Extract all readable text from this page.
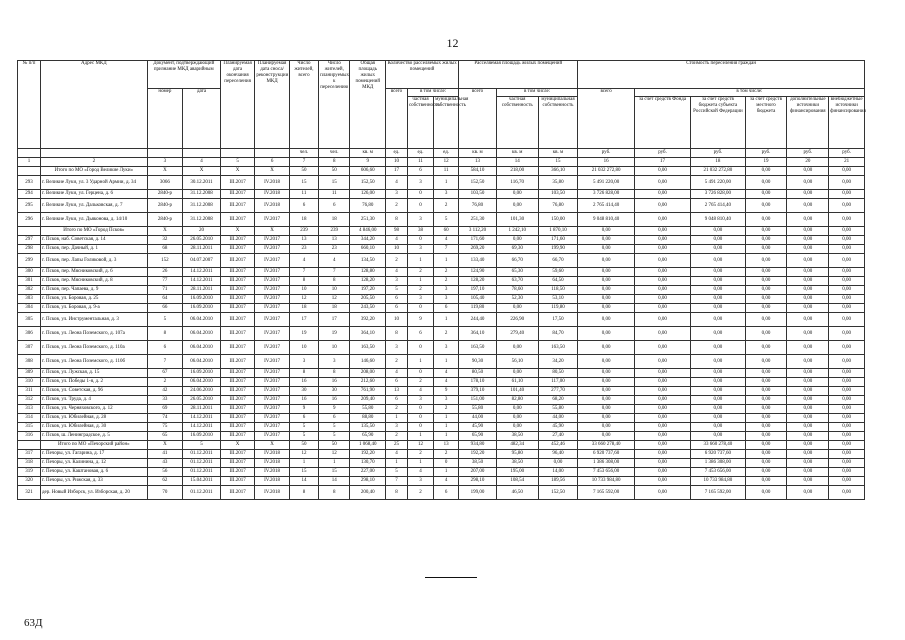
12
№ п/п	Адрес МКД	Документ, подтверждающий признание МКД аварийным		Планируемая дата окончания переселения	Планируемая дата сноса/ реконструкции МКД	Число жителей, всего	Число жителей, планируемых к переселению	Общая площадь жилых помещений МКД	Количество расселяемых жилых помещений			Расселяемая площадь жилых помещений			Стоимость переселения граждан					
		номер	дата						всего	в том числе:		всего	в том числе:		всего	в том числе:				
										частная собственность	муниципальная собственность		частная собственность	муниципальная собственность		за счет средств Фонда	за счет средств бюджета субъекта Российской Федерации	за счет средств местного бюджета	дополнительные источники финансирования	внебюджетные источники финансирования
						чел.	чел.	кв. м	ед.	ед.	ед.	кв. м	кв. м	кв. м	руб.	руб.	руб.	руб.	руб.	руб.
1	2	3	4	5	6	7	8	9	10	11	12	13	14	15	16	17	18	19	20	21
	Итого по МО «Город Великие Луки»	X	X	X	X	50	50	606,60	17	6	11	584,10	218,00	366,10	21 032 272,80	0,00	21 032 272,80	0,00	0,00	0,00
293	г. Великие Луки, ул. 3 Ударной Армии, д. 34	3066	30.12.2011	III.2017	IV.2018	15	15	152,50	4	3	1	152,50	116,70	35,80	5 491 220,00	0,00	5 491 220,00	0,00	0,00	0,00
294	г. Великие Луки, ул. Герцена, д. 6	2840-р	31.12.2008	III.2017	IV.2018	11	11	126,00	3	0	3	103,50	0,00	103,50	3 726 828,00	0,00	3 726 828,00	0,00	0,00	0,00
295	г. Великие Луки, ул. Дальковская, д. 7	2840-р	31.12.2008	III.2017	IV.2018	6	6	76,80	2	0	2	76,80	0,00	76,80	2 765 414,40	0,00	2 765 414,40	0,00	0,00	0,00
296	г. Великие Луки, ул. Дьяконова, д. 14/10	2840-р	31.12.2008	III.2017	IV.2017	18	18	251,30	8	3	5	251,30	101,30	150,00	9 048 810,40	0,00	9 048 810,40	0,00	0,00	0,00
	Итого по МО «Город Псков»	X	20	X	X	239	239	4 846,00	98	38	60	3 112,20	1 242,10	1 870,10	0,00	0,00	0,00	0,00	0,00	0,00
297	г. Псков, наб. Советская, д. 14	32	26.05.2010	III.2017	IV.2017	13	13	344,20	4	0	4	171,60	0,00	171,60	0,00	0,00	0,00	0,00	0,00	0,00
298	г. Псков, пер. Дачный, д. 1	68	28.11.2011	III.2017	IV.2017	23	23	660,10	10	3	7	269,20	69,30	199,90	0,00	0,00	0,00	0,00	0,00	0,00
299	г. Псков, пер. Лапы Голиковой, д. 3	152	04.07.2007	III.2017	IV.2017	4	4	134,50	2	1	1	133,40	66,70	66,70	0,00	0,00	0,00	0,00	0,00	0,00
300	г. Псков, пер. Мясниковский, д. 6	26	14.12.2011	III.2017	IV.2017	7	7	128,80	4	2	2	124,90	65,30	59,60	0,00	0,00	0,00	0,00	0,00	0,00
301	г. Псков, пер. Мясниковский, д. 8	77	14.12.2011	III.2017	IV.2017	8	8	128,20	3	1	2	128,20	63,70	64,50	0,00	0,00	0,00	0,00	0,00	0,00
302	г. Псков, пер. Чапаева, д. 9	71	28.11.2011	III.2017	IV.2017	10	10	197,20	5	2	3	197,10	78,60	118,50	0,00	0,00	0,00	0,00	0,00	0,00
303	г. Псков, ул. Боровая, д. 25	64	16.09.2010	III.2017	IV.2017	12	12	205,50	6	3	3	105,40	52,30	53,10	0,00	0,00	0,00	0,00	0,00	0,00
304	г. Псков, ул. Боровая, д. 9-а	66	16.09.2010	III.2017	IV.2017	18	18	243,50	6	0	6	119,80	0,00	119,80	0,00	0,00	0,00	0,00	0,00	0,00
305	г. Псков, ул. Инструментальная, д. 3	5	06.04.2010	III.2017	IV.2017	17	17	392,20	10	9	1	244,40	226,90	17,50	0,00	0,00	0,00	0,00	0,00	0,00
306	г. Псков, ул. Леона Поземского, д. 107а	8	06.04.2010	III.2017	IV.2017	19	19	364,10	8	6	2	364,10	279,40	84,70	0,00	0,00	0,00	0,00	0,00	0,00
307	г. Псков, ул. Леона Поземского, д. 110а	6	06.04.2010	III.2017	IV.2017	10	10	163,50	3	0	3	163,50	0,00	163,50	0,00	0,00	0,00	0,00	0,00	0,00
308	г. Псков, ул. Леона Поземского, д. 110б	7	06.04.2010	III.2017	IV.2017	3	3	146,60	2	1	1	90,30	56,10	34,20	0,00	0,00	0,00	0,00	0,00	0,00
309	г. Псков, ул. Лужская, д. 15	67	16.09.2010	III.2017	IV.2017	8	8	208,00	4	0	4	80,50	0,00	80,50	0,00	0,00	0,00	0,00	0,00	0,00
310	г. Псков, ул. Победы 1-я, д. 2	2	06.04.2010	III.2017	IV.2017	16	16	212,60	6	2	4	178,10	61,10	117,00	0,00	0,00	0,00	0,00	0,00	0,00
311	г. Псков, ул. Советская, д. 96	42	24.06.2010	III.2017	IV.2017	30	30	761,90	13	4	9	379,10	101,40	277,70	0,00	0,00	0,00	0,00	0,00	0,00
312	г. Псков, ул. Труда, д. 4	33	26.05.2010	III.2017	IV.2017	16	16	209,40	6	3	3	151,00	82,80	68,20	0,00	0,00	0,00	0,00	0,00	0,00
313	г. Псков, ул. Черняховского, д. 12	69	28.11.2011	III.2017	IV.2017	9	9	55,80	2	0	2	55,80	0,00	55,80	0,00	0,00	0,00	0,00	0,00	0,00
314	г. Псков, ул. Юбилейная, д. 28	74	14.12.2011	III.2017	IV.2017	6	6	88,80	1	0	1	44,00	0,00	44,00	0,00	0,00	0,00	0,00	0,00	0,00
315	г. Псков, ул. Юбилейная, д. 30	75	14.12.2011	III.2017	IV.2017	5	5	135,50	3	0	1	45,90	0,00	45,90	0,00	0,00	0,00	0,00	0,00	0,00
316	г. Псков, ш. Ленинградское, д. 5	65	16.09.2010	III.2017	IV.2017	5	5	65,90	2	1	1	65,90	38,50	27,40	0,00	0,00	0,00	0,00	0,00	0,00
	Итого по МО «Печорский район»	X	5	X	X	50	50	1 068,40	25	12	13	934,80	482,34	452,46	33 660 278,40	0,00	33 660 278,40	0,00	0,00	0,00
317	г. Печоры, ул. Гагарина, д. 17	41	01.12.2011	III.2017	IV.2018	12	12	192,20	4	2	2	192,20	95,80	96,40	6 920 737,60	0,00	6 920 737,60	0,00	0,00	0,00
318	г. Печоры, ул. Калинина, д. 12	43	01.12.2011	III.2017	IV.2018	1	1	130,70	1	1	0	38,50	38,50	0,00	1 386 308,00	0,00	1 386 308,00	0,00	0,00	0,00
319	г. Печоры, ул. Каштановая, д. 6	56	01.12.2011	III.2017	IV.2018	15	15	227,00	5	4	1	207,00	195,00	14,00	7 453 656,00	0,00	7 453 656,00	0,00	0,00	0,00
320	г. Печоры, ул. Рижская, д. 33	62	15.04.2011	III.2017	IV.2018	14	14	298,10	7	3	4	298,10	108,54	189,56	10 733 984,80	0,00	10 733 984,80	0,00	0,00	0,00
321	дер. Новый Изборск, ул. Изборская, д. 20	70	01.12.2011	III.2017	IV.2018	8	8	200,40	8	2	6	199,00	46,50	152,50	7 165 592,00	0,00	7 165 592,00	0,00	0,00	0,00
63Д
